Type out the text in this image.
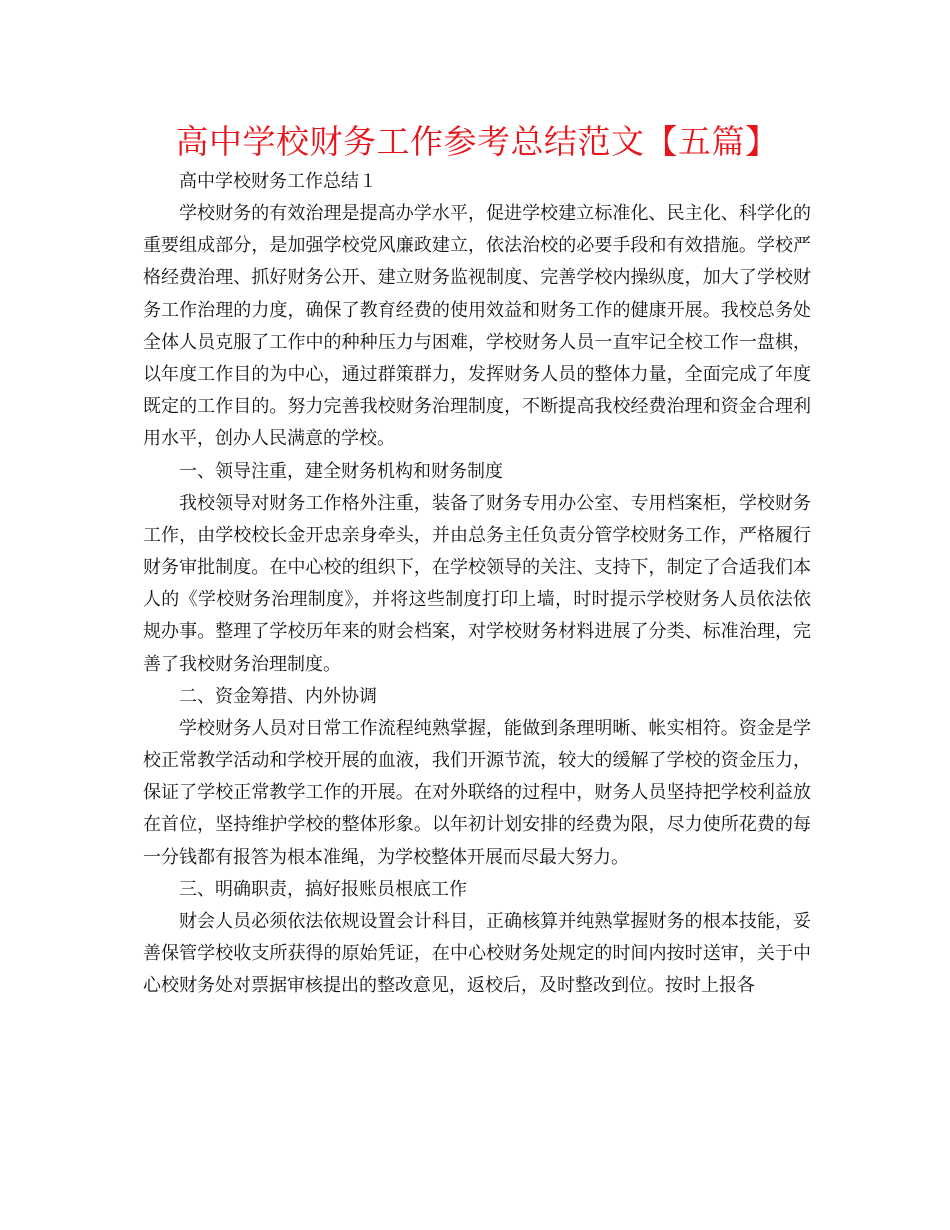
高中学校财务工作参考总结范文【五篇】

高中学校财务工作总结１

学校财务的有效治理是提高办学水平，促进学校建立标准化、民主化、科学化的重要组成部分，是加强学校党风廉政建立，依法治校的必要手段和有效措施。学校严格经费治理、抓好财务公开、建立财务监视制度、完善学校内操纵度，加大了学校财务工作治理的力度，确保了教育经费的使用效益和财务工作的健康开展。我校总务处全体人员克服了工作中的种种压力与困难，学校财务人员一直牢记全校工作一盘棋，以年度工作目的为中心，通过群策群力，发挥财务人员的整体力量，全面完成了年度既定的工作目的。努力完善我校财务治理制度，不断提高我校经费治理和资金合理利用水平，创办人民满意的学校。

一、领导注重，建全财务机构和财务制度

我校领导对财务工作格外注重，装备了财务专用办公室、专用档案柜，学校财务工作，由学校校长金开忠亲身牵头，并由总务主任负责分管学校财务工作，严格履行财务审批制度。在中心校的组织下，在学校领导的关注、支持下，制定了合适我们本人的《学校财务治理制度》，并将这些制度打印上墙，时时提示学校财务人员依法依规办事。整理了学校历年来的财会档案，对学校财务材料进展了分类、标准治理，完善了我校财务治理制度。

二、资金筹措、内外协调

学校财务人员对日常工作流程纯熟掌握，能做到条理明晰、帐实相符。资金是学校正常教学活动和学校开展的血液，我们开源节流，较大的缓解了学校的资金压力，保证了学校正常教学工作的开展。在对外联络的过程中，财务人员坚持把学校利益放在首位，坚持维护学校的整体形象。以年初计划安排的经费为限，尽力使所花费的每一分钱都有报答为根本准绳，为学校整体开展而尽最大努力。

三、明确职责，搞好报账员根底工作

财会人员必须依法依规设置会计科目，正确核算并纯熟掌握财务的根本技能，妥善保管学校收支所获得的原始凭证，在中心校财务处规定的时间内按时送审，关于中心校财务处对票据审核提出的整改意见，返校后，及时整改到位。按时上报各
